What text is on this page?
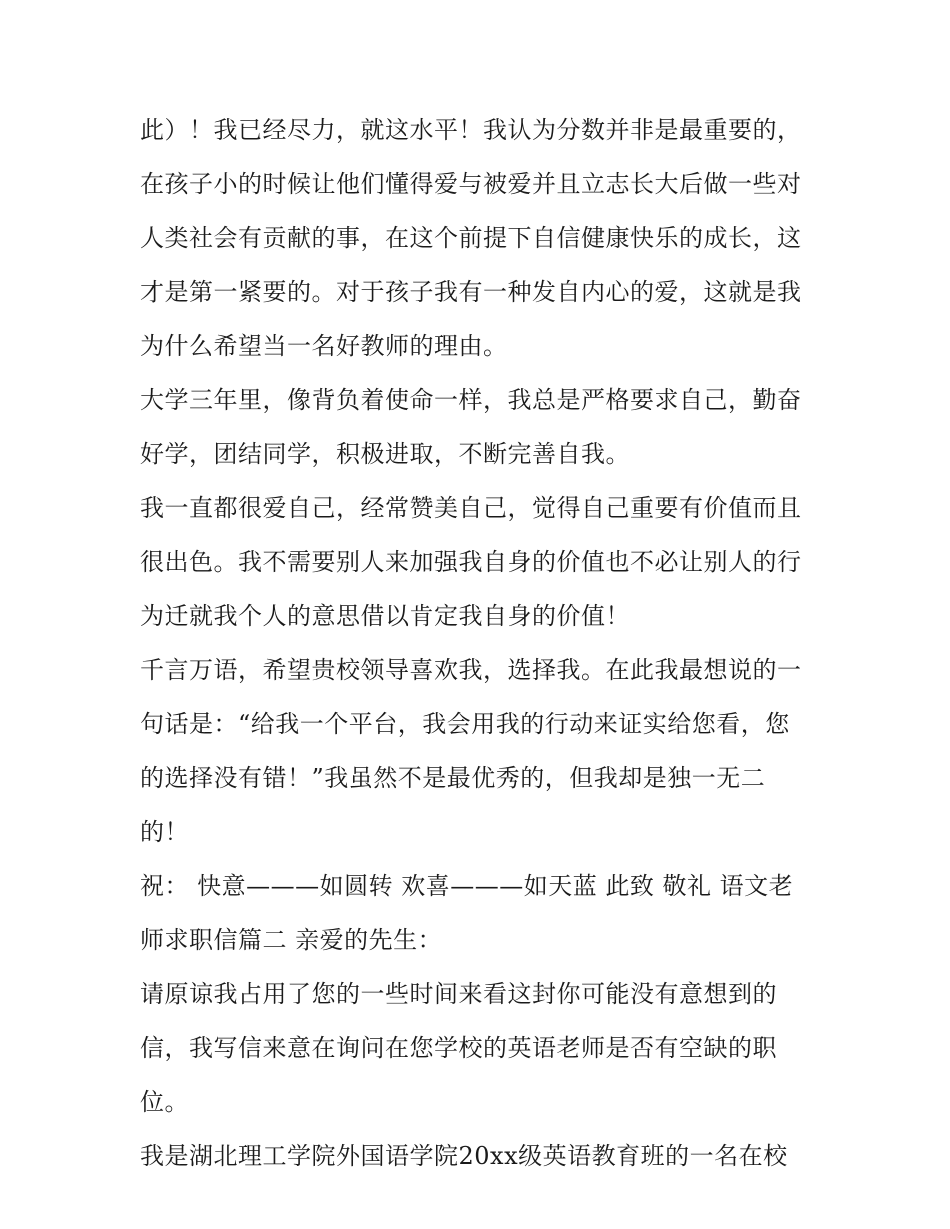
此）！我已经尽力，就这水平！我认为分数并非是最重要的，
在孩子小的时候让他们懂得爱与被爱并且立志长大后做一些对
人类社会有贡献的事，在这个前提下自信健康快乐的成长，这
才是第一紧要的。对于孩子我有一种发自内心的爱，这就是我
为什么希望当一名好教师的理由。
大学三年里，像背负着使命一样，我总是严格要求自己，勤奋
好学，团结同学，积极进取，不断完善自我。
我一直都很爱自己，经常赞美自己，觉得自己重要有价值而且
很出色。我不需要别人来加强我自身的价值也不必让别人的行
为迁就我个人的意思借以肯定我自身的价值！
千言万语，希望贵校领导喜欢我，选择我。在此我最想说的一
句话是：“给我一个平台，我会用我的行动来证实给您看，您
的选择没有错！”我虽然不是最优秀的，但我却是独一无二
的！
祝： 快意———如圆转 欢喜———如天蓝 此致 敬礼 语文老
师求职信篇二 亲爱的先生：
请原谅我占用了您的一些时间来看这封你可能没有意想到的
信，我写信来意在询问在您学校的英语老师是否有空缺的职
位。
我是湖北理工学院外国语学院20xx级英语教育班的一名在校
